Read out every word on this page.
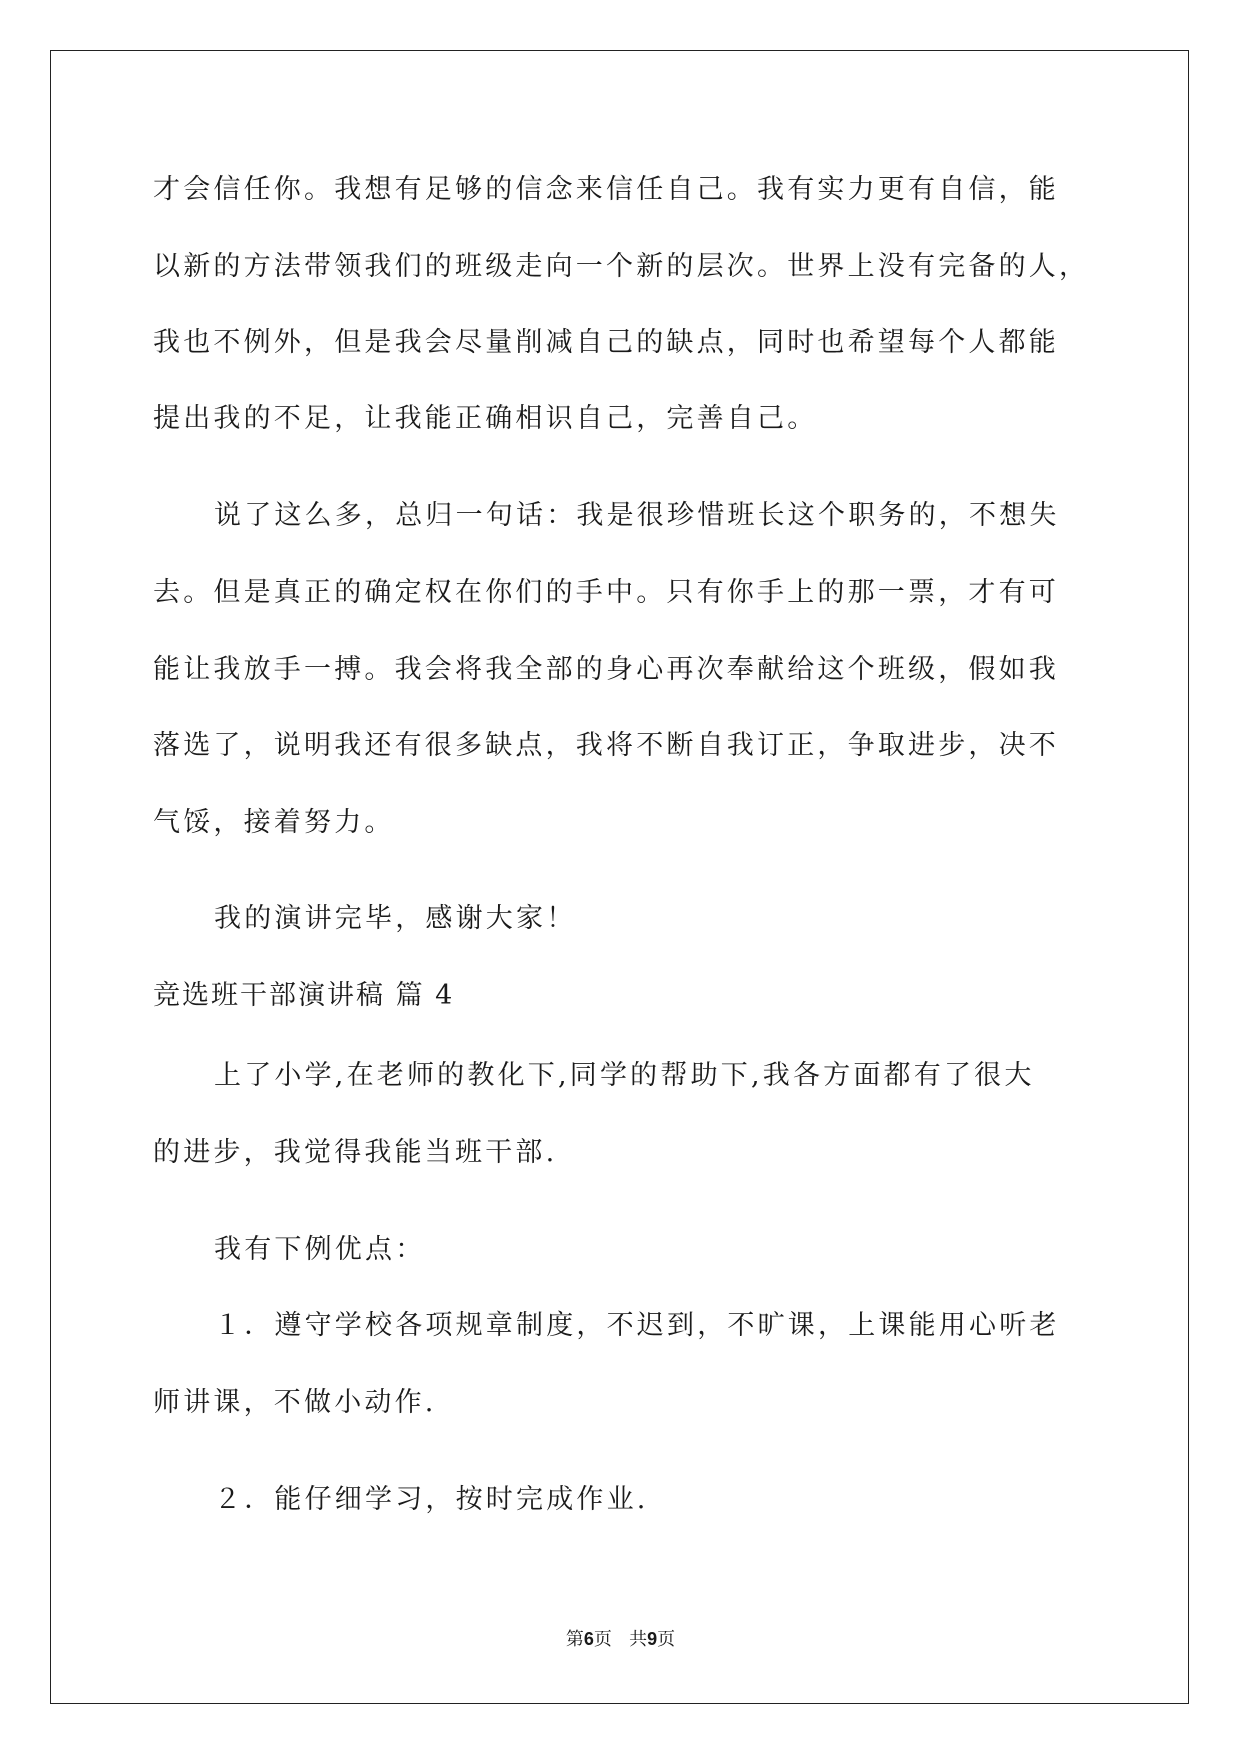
才会信任你。我想有足够的信念来信任自己。我有实力更有自信，能
以新的方法带领我们的班级走向一个新的层次。世界上没有完备的人，
我也不例外，但是我会尽量削减自己的缺点，同时也希望每个人都能
提出我的不足，让我能正确相识自己，完善自己。
说了这么多，总归一句话：我是很珍惜班长这个职务的，不想失
去。但是真正的确定权在你们的手中。只有你手上的那一票，才有可
能让我放手一搏。我会将我全部的身心再次奉献给这个班级，假如我
落选了，说明我还有很多缺点，我将不断自我订正，争取进步，决不
气馁，接着努力。
我的演讲完毕，感谢大家！
竞选班干部演讲稿 篇 4
上了小学,在老师的教化下,同学的帮助下,我各方面都有了很大
的进步，我觉得我能当班干部.
我有下例优点：
１．遵守学校各项规章制度，不迟到，不旷课，上课能用心听老
师讲课，不做小动作.
２．能仔细学习，按时完成作业.
第6页 共9页
